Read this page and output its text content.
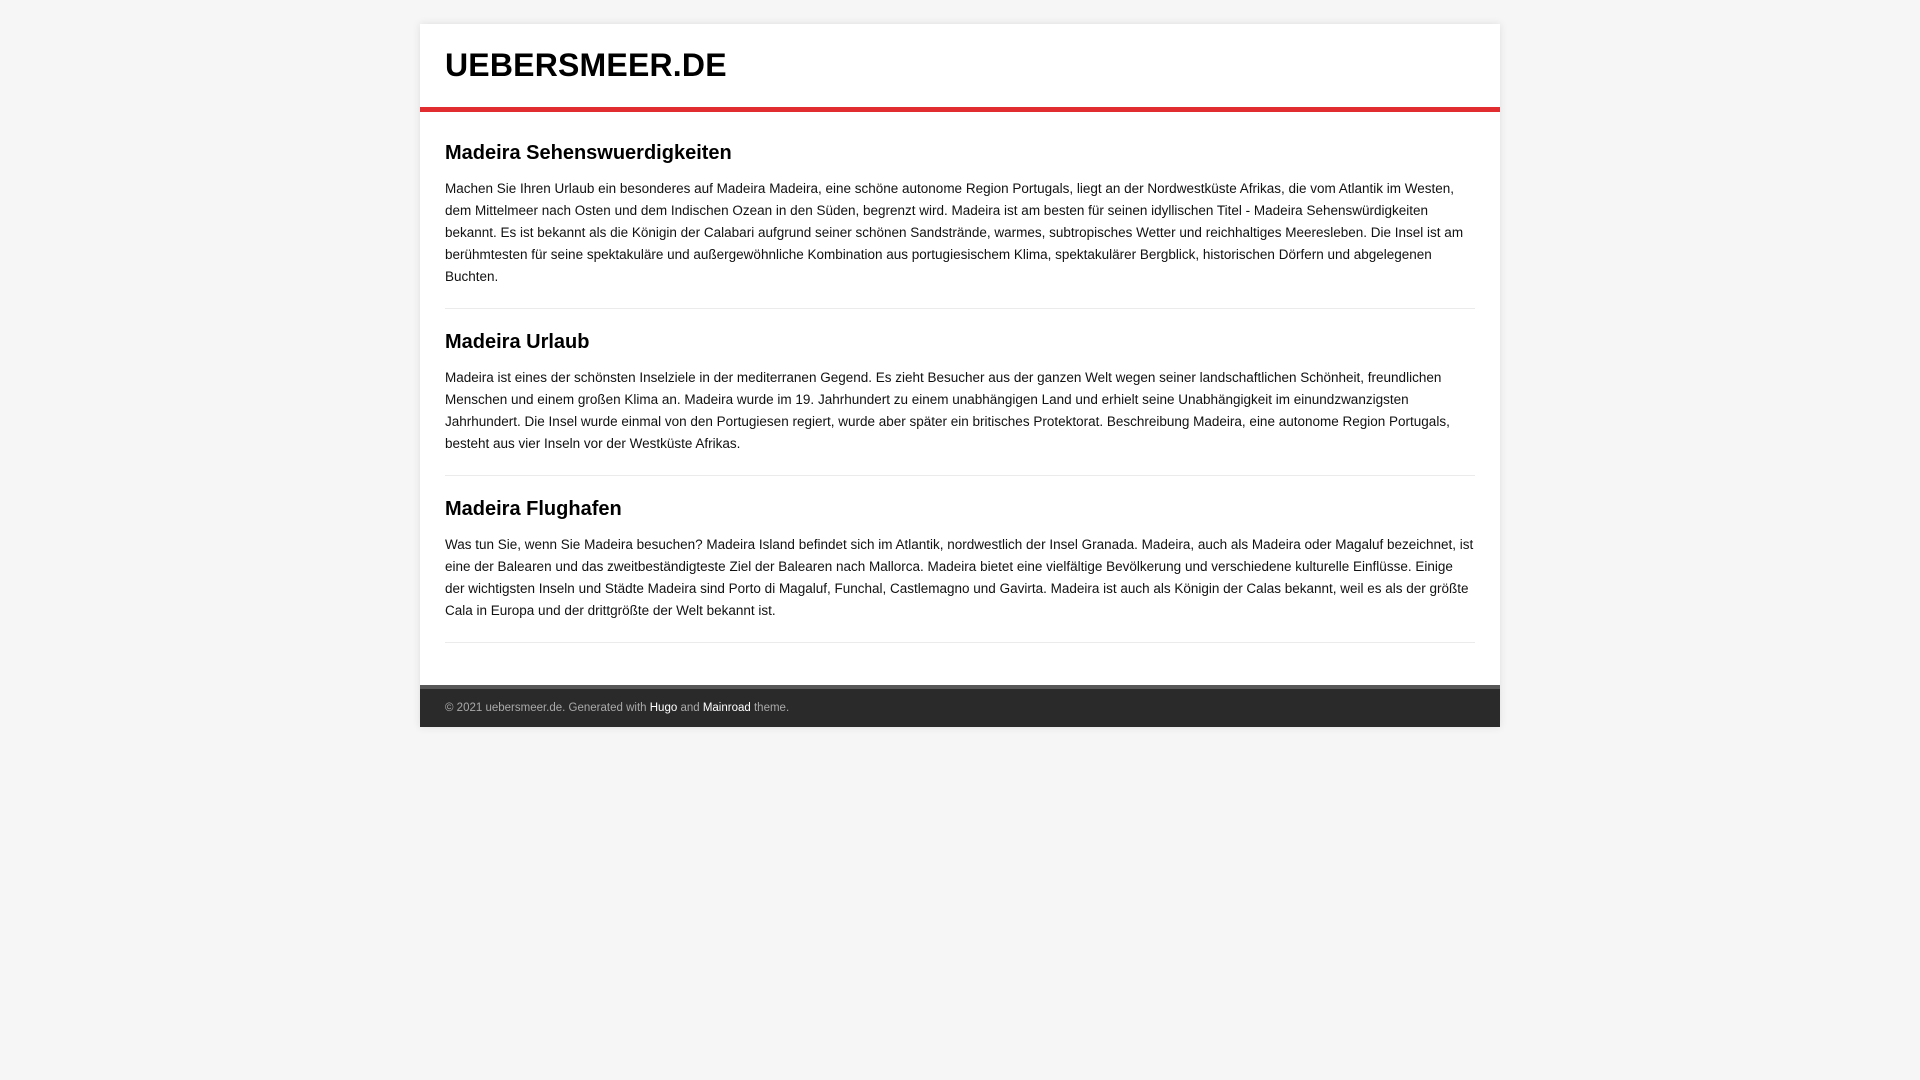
UEBERSMEER.DE
Madeira Sehenswuerdigkeiten

Machen Sie Ihren Urlaub ein besonderes auf Madeira Madeira, eine schöne autonome Region Portugals, liegt an der Nordwestküste Afrikas, die vom Atlantik im Westen, dem Mittelmeer nach Osten und dem Indischen Ozean in den Süden, begrenzt wird. Madeira ist am besten für seinen idyllischen Titel - Madeira Sehenswürdigkeiten bekannt. Es ist bekannt als die Königin der Calabari aufgrund seiner schönen Sandstrände, warmes, subtropisches Wetter und reichhaltiges Meeresleben. Die Insel ist am berühmtesten für seine spektakuläre und außergewöhnliche Kombination aus portugiesischem Klima, spektakulärer Bergblick, historischen Dörfern und abgelegenen Buchten.

Madeira Urlaub

Madeira ist eines der schönsten Inselziele in der mediterranen Gegend. Es zieht Besucher aus der ganzen Welt wegen seiner landschaftlichen Schönheit, freundlichen Menschen und einem großen Klima an. Madeira wurde im 19. Jahrhundert zu einem unabhängigen Land und erhielt seine Unabhängigkeit im einundzwanzigsten Jahrhundert. Die Insel wurde einmal von den Portugiesen regiert, wurde aber später ein britisches Protektorat. Beschreibung Madeira, eine autonome Region Portugals, besteht aus vier Inseln vor der Westküste Afrikas.

Madeira Flughafen

Was tun Sie, wenn Sie Madeira besuchen? Madeira Island befindet sich im Atlantik, nordwestlich der Insel Granada. Madeira, auch als Madeira oder Magaluf bezeichnet, ist eine der Balearen und das zweitbeständigteste Ziel der Balearen nach Mallorca. Madeira bietet eine vielfältige Bevölkerung und verschiedene kulturelle Einflüsse. Einige der wichtigsten Inseln und Städte Madeira sind Porto di Magaluf, Funchal, Castlemagno und Gavirta. Madeira ist auch als Königin der Calas bekannt, weil es als der größte Cala in Europa und der drittgrößte der Welt bekannt ist.

© 2021 uebersmeer.de. Generated with Hugo and Mainroad theme.
